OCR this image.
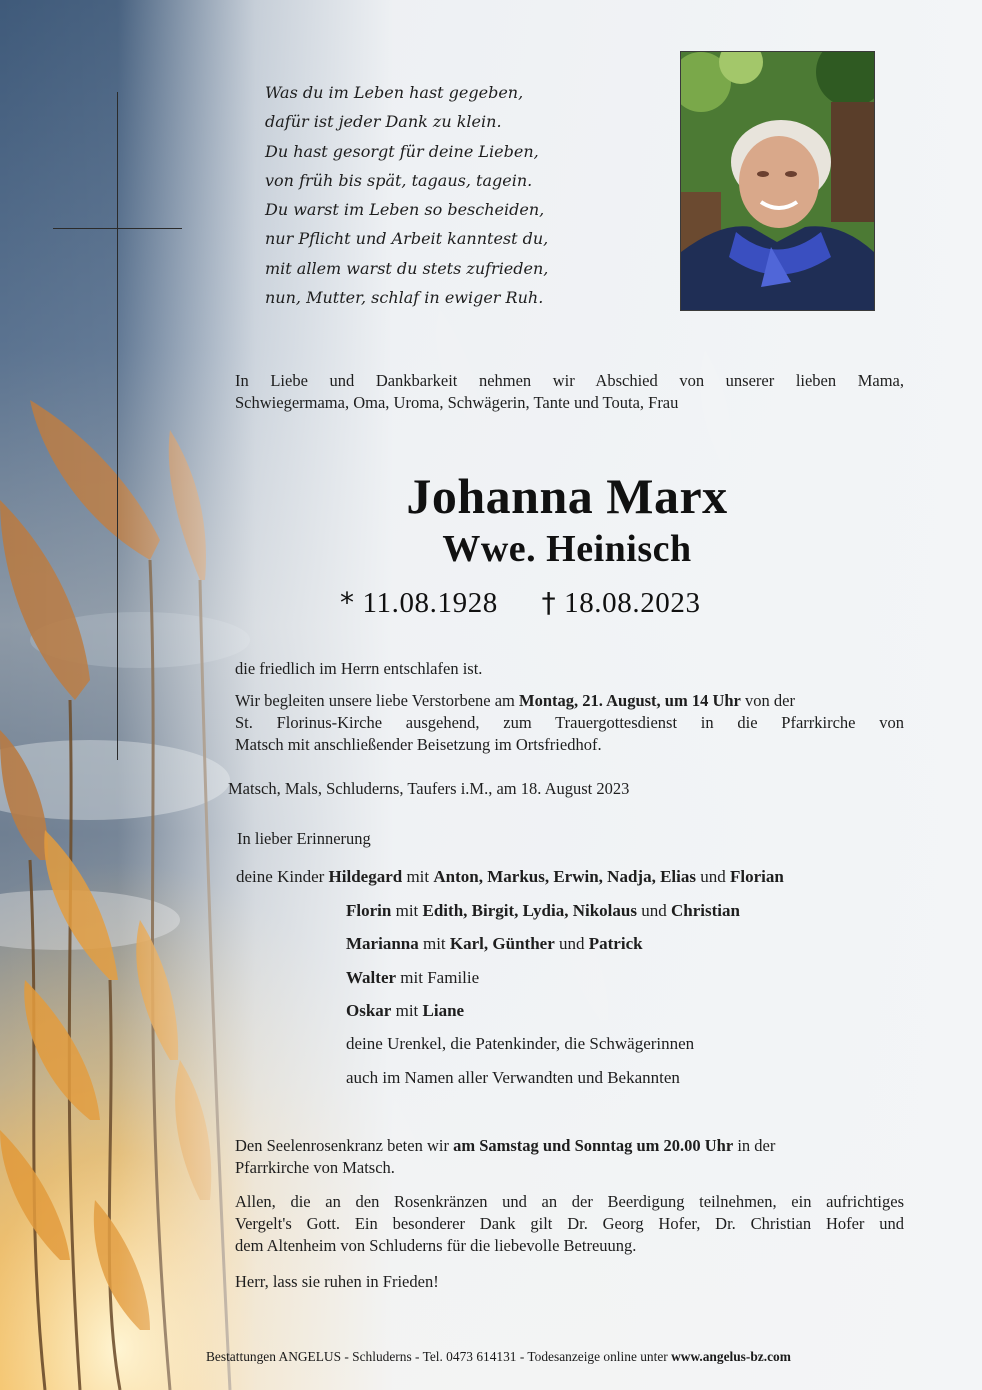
Was du im Leben hast gegeben,
dafür ist jeder Dank zu klein.
Du hast gesorgt für deine Lieben,
von früh bis spät, tagaus, tagein.
Du warst im Leben so bescheiden,
nur Pflicht und Arbeit kanntest du,
mit allem warst du stets zufrieden,
nun, Mutter, schlaf in ewiger Ruh.
In Liebe und Dankbarkeit nehmen wir Abschied von unserer lieben Mama,
Schwiegermama, Oma, Uroma, Schwägerin, Tante und Touta, Frau
Johanna Marx
Wwe. Heinisch
* 11.08.1928 † 18.08.2023
die friedlich im Herrn entschlafen ist.
Wir begleiten unsere liebe Verstorbene am Montag, 21. August, um 14 Uhr von der
St. Florinus-Kirche ausgehend, zum Trauergottesdienst in die Pfarrkirche von
Matsch mit anschließender Beisetzung im Ortsfriedhof.
Matsch, Mals, Schluderns, Taufers i.M., am 18. August 2023
In lieber Erinnerung
deine Kinder Hildegard mit Anton, Markus, Erwin, Nadja, Elias und Florian
Florin mit Edith, Birgit, Lydia, Nikolaus und Christian
Marianna mit Karl, Günther und Patrick
Walter mit Familie
Oskar mit Liane
deine Urenkel, die Patenkinder, die Schwägerinnen
auch im Namen aller Verwandten und Bekannten
Den Seelenrosenkranz beten wir am Samstag und Sonntag um 20.00 Uhr in der
Pfarrkirche von Matsch.
Allen, die an den Rosenkränzen und an der Beerdigung teilnehmen, ein aufrichtiges
Vergelt's Gott. Ein besonderer Dank gilt Dr. Georg Hofer, Dr. Christian Hofer und
dem Altenheim von Schluderns für die liebevolle Betreuung.
Herr, lass sie ruhen in Frieden!
Bestattungen ANGELUS - Schluderns - Tel. 0473 614131 - Todesanzeige online unter www.angelus-bz.com
